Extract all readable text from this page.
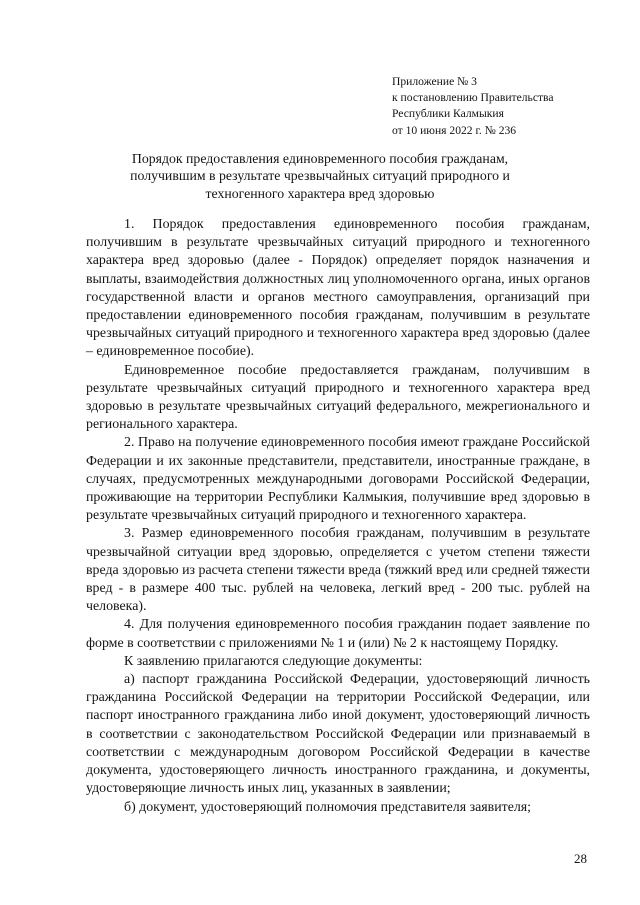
Приложение № 3
к постановлению Правительства
Республики Калмыкия
от 10 июня 2022 г. № 236
Порядок предоставления единовременного пособия гражданам,
получившим в результате чрезвычайных ситуаций природного и
техногенного характера вред здоровью

1. Порядок предоставления единовременного пособия гражданам, получившим в результате чрезвычайных ситуаций природного и техногенного характера вред здоровью (далее - Порядок) определяет порядок назначения и выплаты, взаимодействия должностных лиц уполномоченного органа, иных органов государственной власти и органов местного самоуправления, организаций при предоставлении единовременного пособия гражданам, получившим в результате чрезвычайных ситуаций природного и техногенного характера вред здоровью (далее – единовременное пособие).

Единовременное пособие предоставляется гражданам, получившим в результате чрезвычайных ситуаций природного и техногенного характера вред здоровью в результате чрезвычайных ситуаций федерального, межрегионального и регионального характера.

2. Право на получение единовременного пособия имеют граждане Российской Федерации и их законные представители, представители, иностранные граждане, в случаях, предусмотренных международными договорами Российской Федерации, проживающие на территории Республики Калмыкия, получившие вред здоровью в результате чрезвычайных ситуаций природного и техногенного характера.

3. Размер единовременного пособия гражданам, получившим в результате чрезвычайной ситуации вред здоровью, определяется с учетом степени тяжести вреда здоровью из расчета степени тяжести вреда (тяжкий вред или средней тяжести вред - в размере 400 тыс. рублей на человека, легкий вред - 200 тыс. рублей на человека).

4. Для получения единовременного пособия гражданин подает заявление по форме в соответствии с приложениями № 1 и (или) № 2 к настоящему Порядку.

К заявлению прилагаются следующие документы:

а) паспорт гражданина Российской Федерации, удостоверяющий личность гражданина Российской Федерации на территории Российской Федерации, или паспорт иностранного гражданина либо иной документ, удостоверяющий личность в соответствии с законодательством Российской Федерации или признаваемый в соответствии с международным договором Российской Федерации в качестве документа, удостоверяющего личность иностранного гражданина, и документы, удостоверяющие личность иных лиц, указанных в заявлении;

б) документ, удостоверяющий полномочия представителя заявителя;

28
